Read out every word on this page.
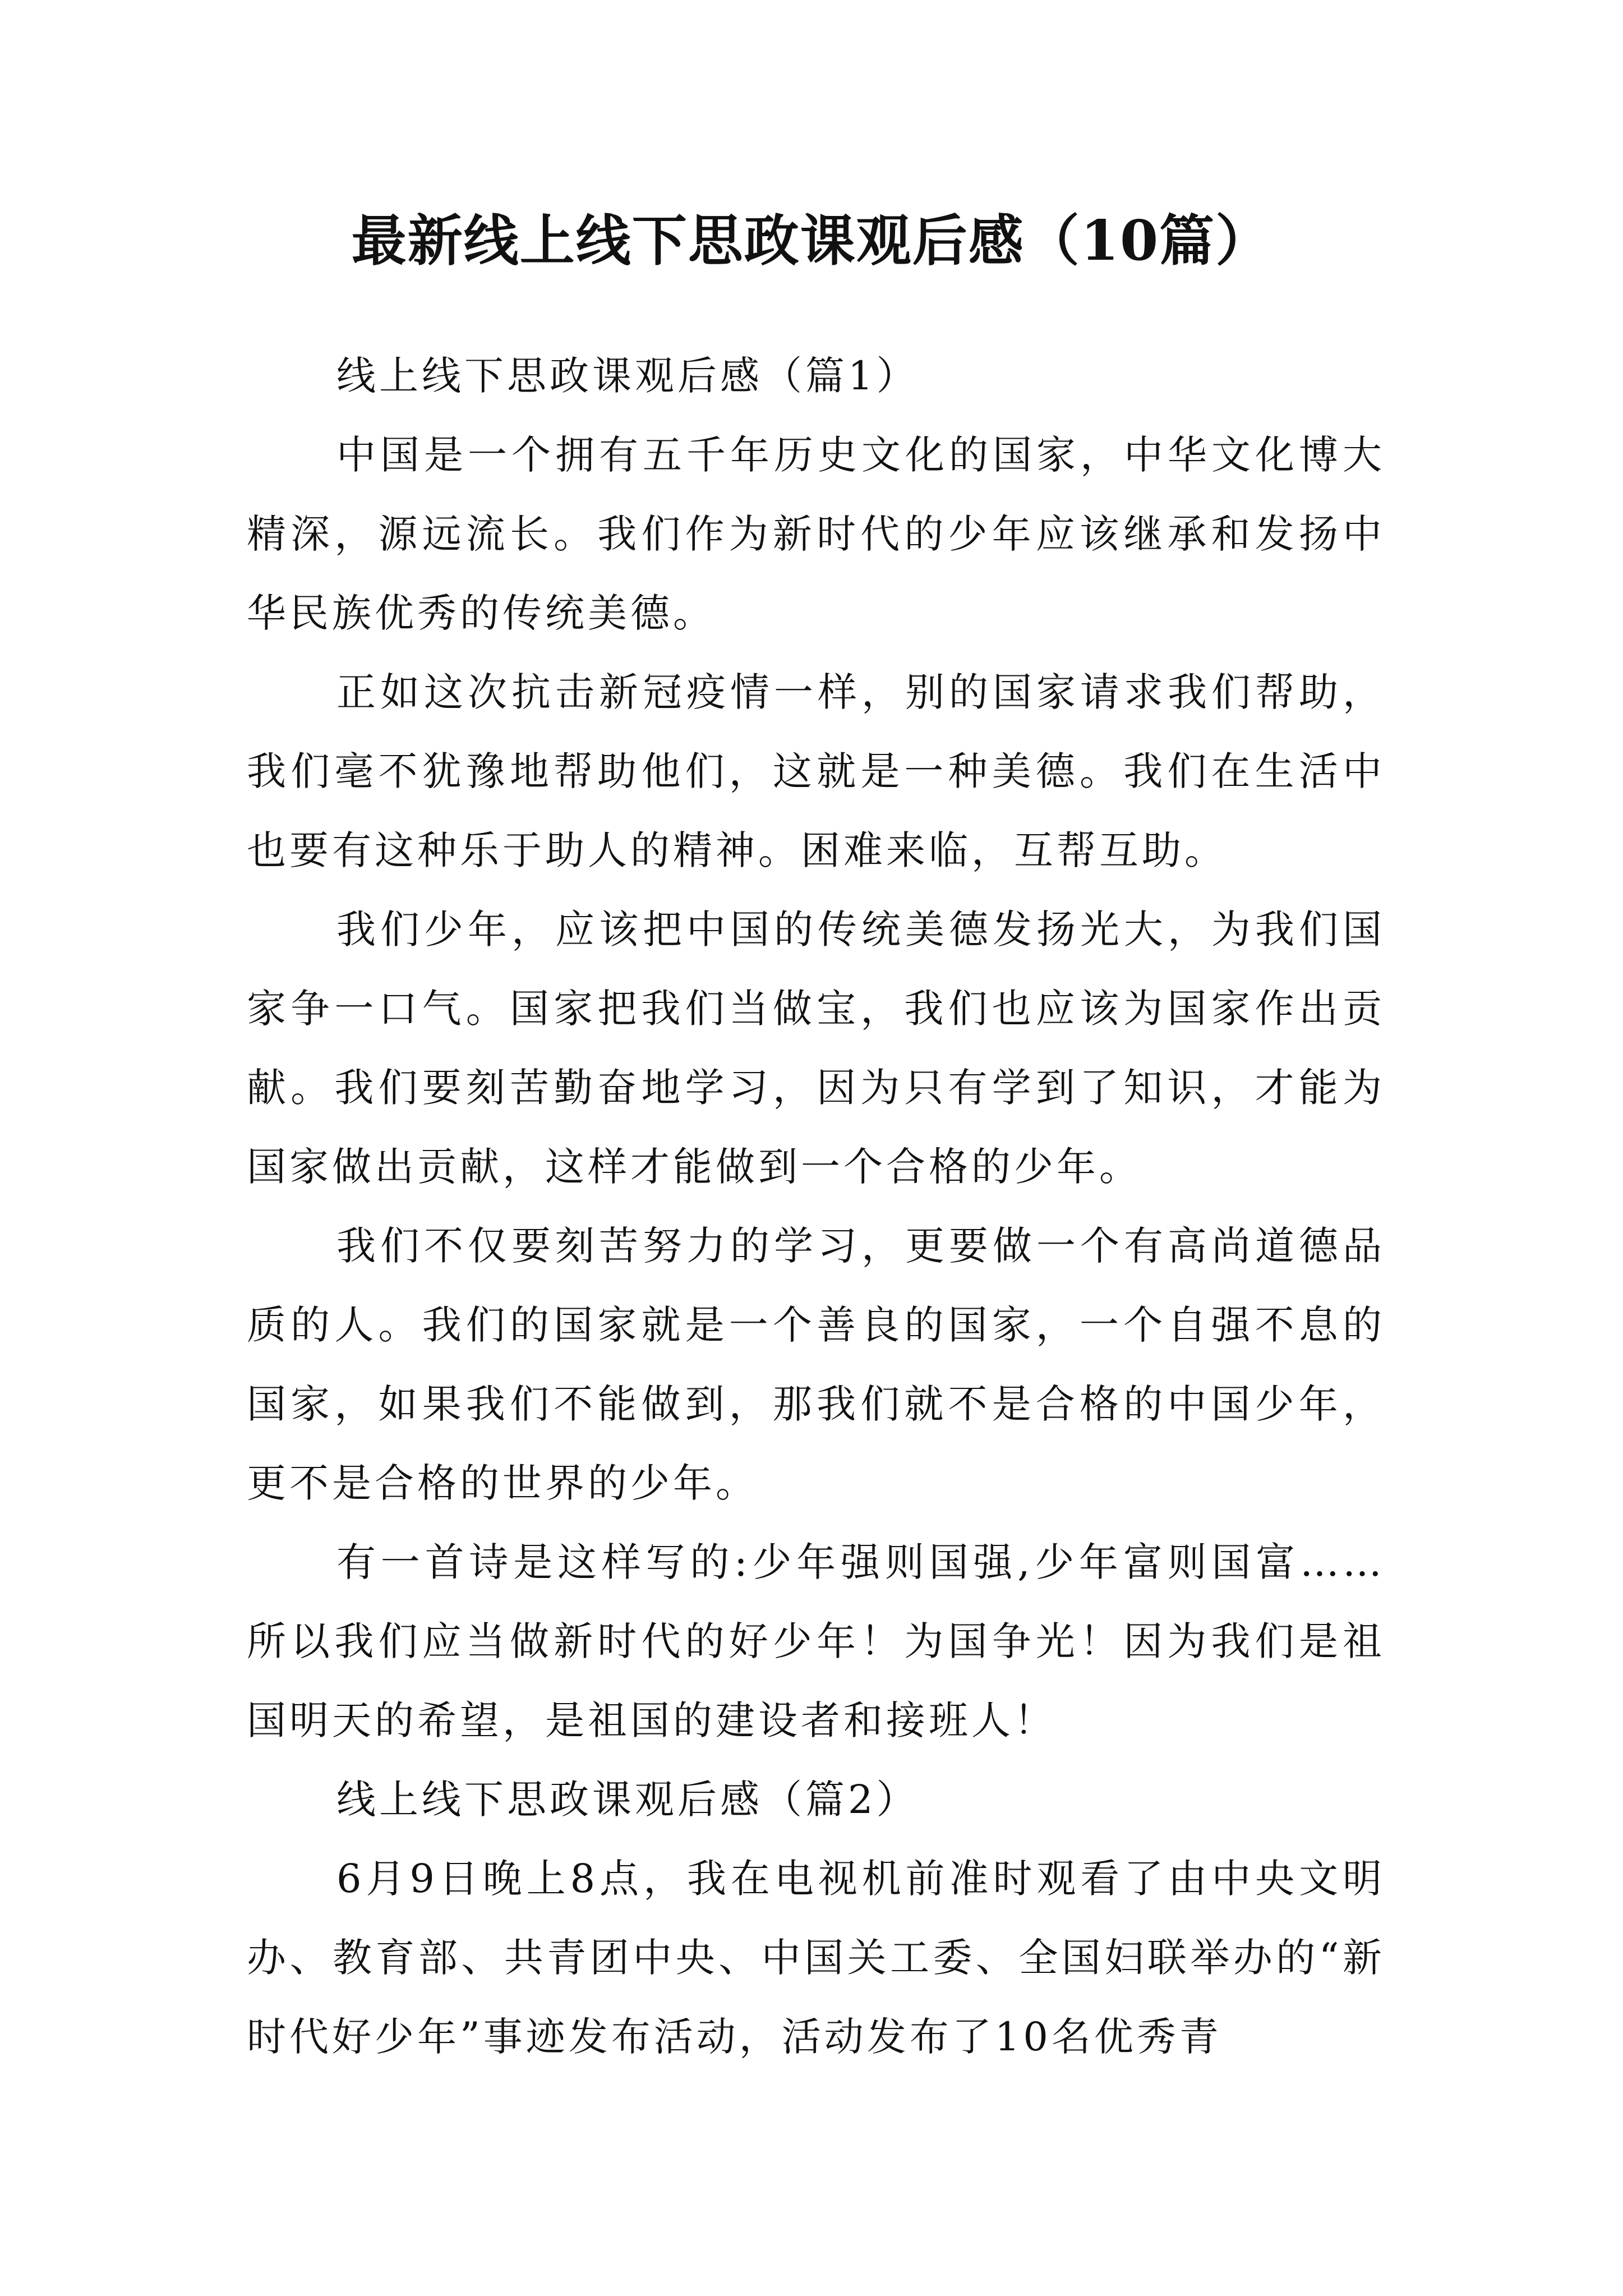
最新线上线下思政课观后感（10篇）

线上线下思政课观后感（篇1）

中国是一个拥有五千年历史文化的国家，中华文化博大精深，源远流长。我们作为新时代的少年应该继承和发扬中华民族优秀的传统美德。

正如这次抗击新冠疫情一样，别的国家请求我们帮助，我们毫不犹豫地帮助他们，这就是一种美德。我们在生活中也要有这种乐于助人的精神。困难来临，互帮互助。

我们少年，应该把中国的传统美德发扬光大，为我们国家争一口气。国家把我们当做宝，我们也应该为国家作出贡献。我们要刻苦勤奋地学习，因为只有学到了知识，才能为国家做出贡献，这样才能做到一个合格的少年。

我们不仅要刻苦努力的学习，更要做一个有高尚道德品质的人。我们的国家就是一个善良的国家，一个自强不息的国家，如果我们不能做到，那我们就不是合格的中国少年，更不是合格的世界的少年。

有一首诗是这样写的:少年强则国强,少年富则国富……所以我们应当做新时代的好少年！为国争光！因为我们是祖国明天的希望，是祖国的建设者和接班人！

线上线下思政课观后感（篇2）

6月9日晚上8点，我在电视机前准时观看了由中央文明办、教育部、共青团中央、中国关工委、全国妇联举办的“新时代好少年”事迹发布活动，活动发布了10名优秀青
